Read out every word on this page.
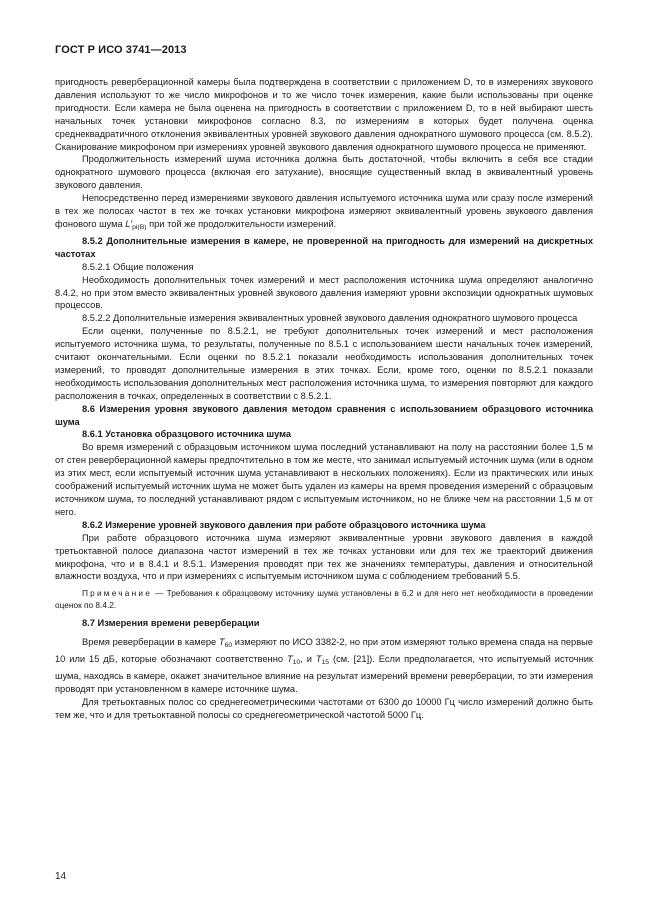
ГОСТ Р ИСО 3741—2013

пригодность реверберационной камеры была подтверждена в соответствии с приложением D, то в измерениях звукового давления используют то же число микрофонов и то же число точек измерения, какие были использованы при оценке пригодности. Если камера не была оценена на пригодность в соответствии с приложением D, то в ней выбирают шесть начальных точек установки микрофонов согласно 8.3, по измерениям в которых будет получена оценка среднеквадратичного отклонения эквивалентных уровней звукового давления однократного шумового процесса (см. 8.5.2). Сканирование микрофоном при измерениях уровней звукового давления однократного шумового процесса не применяют.

Продолжительность измерений шума источника должна быть достаточной, чтобы включить в себя все стадии однократного шумового процесса (включая его затухание), вносящие существенный вклад в эквивалентный уровень звукового давления.

Непосредственно перед измерениями звукового давления испытуемого источника шума или сразу после измерений в тех же полосах частот в тех же точках установки микрофона измеряют эквивалентный уровень звукового давления фонового шума $L'_{pi(B)}$ при той же продолжительности измерений.

8.5.2 Дополнительные измерения в камере, не проверенной на пригодность для измерений на дискретных частотах

8.5.2.1 Общие положения

Необходимость дополнительных точек измерений и мест расположения источника шума определяют аналогично 8.4.2, но при этом вместо эквивалентных уровней звукового давления измеряют уровни экспозиции однократных шумовых процессов.

8.5.2.2 Дополнительные измерения эквивалентных уровней звукового давления однократного шумового процесса

Если оценки, полученные по 8.5.2.1, не требуют дополнительных точек измерений и мест расположения испытуемого источника шума, то результаты, полученные по 8.5.1 с использованием шести начальных точек измерений, считают окончательными. Если оценки по 8.5.2.1 показали необходимость использования дополнительных точек измерений, то проводят дополнительные измерения в этих точках. Если, кроме того, оценки по 8.5.2.1 показали необходимость использования дополнительных мест расположения источника шума, то измерения повторяют для каждого расположения в точках, определенных в соответствии с 8.5.2.1.

8.6 Измерения уровня звукового давления методом сравнения с использованием образцового источника шума

8.6.1 Установка образцового источника шума

Во время измерений с образцовым источником шума последний устанавливают на полу на расстоянии более 1,5 м от стен реверберационной камеры предпочтительно в том же месте, что занимал испытуемый источник шума (или в одном из этих мест, если испытуемый источник шума устанавливают в нескольких положениях). Если из практических или иных соображений испытуемый источник шума не может быть удален из камеры на время проведения измерений с образцовым источником шума, то последний устанавливают рядом с испытуемым источником, но не ближе чем на расстоянии 1,5 м от него.

8.6.2 Измерение уровней звукового давления при работе образцового источника шума

При работе образцового источника шума измеряют эквивалентные уровни звукового давления в каждой третьоктавной полосе диапазона частот измерений в тех же точках установки или для тех же траекторий движения микрофона, что и в 8.4.1 и 8.5.1. Измерения проводят при тех же значениях температуры, давления и относительной влажности воздуха, что и при измерениях с испытуемым источником шума с соблюдением требований 5.5.

Примечание — Требования к образцовому источнику шума установлены в 6.2 и для него нет необходимости в проведении оценок по 8.4.2.

8.7 Измерения времени реверберации

Время реверберации в камере $T_{60}$ измеряют по ИСО 3382-2, но при этом измеряют только времена спада на первые 10 или 15 дБ, которые обозначают соответственно $T_{10}$, и $T_{15}$ (см. [21]). Если предполагается, что испытуемый источник шума, находясь в камере, окажет значительное влияние на результат измерений времени реверберации, то эти измерения проводят при установленном в камере источнике шума.

Для третьоктавных полос со среднегеометрическими частотами от 6300 до 10000 Гц число измерений должно быть тем же, что и для третьоктавной полосы со среднегеометрической частотой 5000 Гц.

14
